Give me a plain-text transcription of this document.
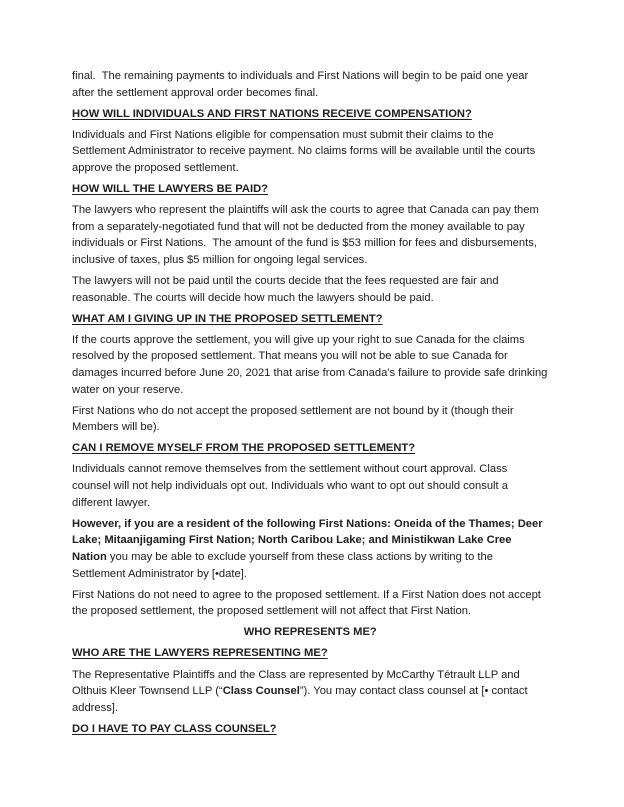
final.  The remaining payments to individuals and First Nations will begin to be paid one year after the settlement approval order becomes final.

HOW WILL INDIVIDUALS AND FIRST NATIONS RECEIVE COMPENSATION?

Individuals and First Nations eligible for compensation must submit their claims to the Settlement Administrator to receive payment. No claims forms will be available until the courts approve the proposed settlement.

HOW WILL THE LAWYERS BE PAID?

The lawyers who represent the plaintiffs will ask the courts to agree that Canada can pay them from a separately-negotiated fund that will not be deducted from the money available to pay individuals or First Nations.  The amount of the fund is $53 million for fees and disbursements, inclusive of taxes, plus $5 million for ongoing legal services.

The lawyers will not be paid until the courts decide that the fees requested are fair and reasonable. The courts will decide how much the lawyers should be paid.

WHAT AM I GIVING UP IN THE PROPOSED SETTLEMENT?

If the courts approve the settlement, you will give up your right to sue Canada for the claims resolved by the proposed settlement. That means you will not be able to sue Canada for damages incurred before June 20, 2021 that arise from Canada's failure to provide safe drinking water on your reserve.

First Nations who do not accept the proposed settlement are not bound by it (though their Members will be).

CAN I REMOVE MYSELF FROM THE PROPOSED SETTLEMENT?

Individuals cannot remove themselves from the settlement without court approval. Class counsel will not help individuals opt out. Individuals who want to opt out should consult a different lawyer.

However, if you are a resident of the following First Nations: Oneida of the Thames; Deer Lake; Mitaanjigaming First Nation; North Caribou Lake; and Ministikwan Lake Cree Nation you may be able to exclude yourself from these class actions by writing to the Settlement Administrator by [•date].

First Nations do not need to agree to the proposed settlement. If a First Nation does not accept the proposed settlement, the proposed settlement will not affect that First Nation.

WHO REPRESENTS ME?
WHO ARE THE LAWYERS REPRESENTING ME?

The Representative Plaintiffs and the Class are represented by McCarthy Tétrault LLP and Olthuis Kleer Townsend LLP (“Class Counsel”). You may contact class counsel at [• contact address].

DO I HAVE TO PAY CLASS COUNSEL?
